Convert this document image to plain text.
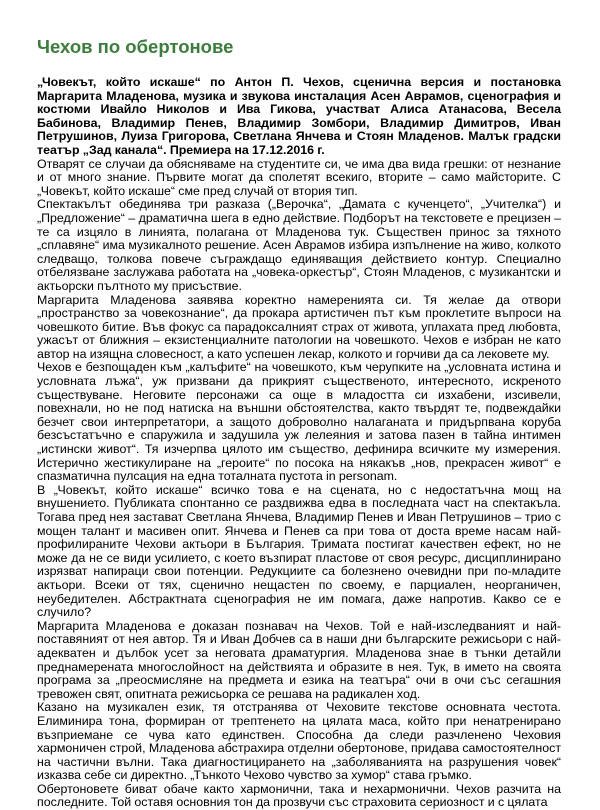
Чехов по обертонове

„Човекът, който искаше“ по Антон П. Чехов, сценична версия и постановка Маргарита Младенова, музика и звукова инсталация Асен Аврамов, сценография и костюми Ивайло Николов и Ива Гикова, участват Алиса Атанасова, Весела Бабинова, Владимир Пенев, Владимир Зомбори, Владимир Димитров, Иван Петрушинов, Луиза Григорова, Светлана Янчева и Стоян Младенов. Малък градски театър „Зад канала“. Премиера на 17.12.2016 г.

Отварят се случаи да обясняваме на студентите си, че има два вида грешки: от незнание и от много знание. Първите могат да сполетят всекиго, вторите – само майсторите. С „Човекът, който искаше“ сме пред случай от втория тип.

Спектакълът обединява три разказа („Верочка“, „Дамата с кученцето“, „Учителка“) и „Предложение“ – драматична шега в едно действие. Подборът на текстовете е прецизен – те са изцяло в линията, полагана от Младенова тук. Съществен принос за тяхното „сплавяне“ има музикалното решение. Асен Аврамов избира изпълнение на живо, колкото следващо, толкова повече съграждащо единяващия действието контур. Специално отбелязване заслужава работата на „човека-оркестър“, Стоян Младенов, с музикантски и актьорски пълтното му присъствие.

Маргарита Младенова заявява коректно намеренията си. Тя желае да отвори „пространство за човекознание“, да прокара артистичен път към проклетите въпроси на човешкото битие. Във фокус са парадоксалният страх от живота, уплахата пред любовта, ужасът от ближния – екзистенциалните патологии на човешкото. Чехов е избран не като автор на изящна словесност, а като успешен лекар, колкото и горчиви да са лековете му.

Чехов е безпощаден към „калъфите“ на човешкото, към черупките на „условната истина и условната лъжа“, уж призвани да прикрият същественото, интересното, искреното съществуване. Неговите персонажи са още в младостта си изхабени, изсивели, повехнали, но не под натиска на външни обстоятелства, както твърдят те, подвеждайки безчет свои интерпретатори, а защото доброволно налаганата и придърпвана коруба безсъстатъчно е спаружила и задушила уж лелеяния и затова пазен в тайна интимен „истински живот“. Тя изчерпва цялото им същество, дефинира всичките му измерения. Истерично жестикулиране на „героите“ по посока на някакъв „нов, прекрасен живот“ е спазматична пулсация на една тоталната пустота in personam.

В „Човекът, който искаше“ всичко това е на сцената, но с недостатъчна мощ на внушението. Публиката спонтанно се раздвижва едва в последната част на спектакъла. Тогава пред нея застават Светлана Янчева, Владимир Пенев и Иван Петрушинов – трио с мощен талант и масивен опит. Янчева и Пенев са при това от доста време насам най-профилираните Чехови актьори в България. Тримата постигат качествен ефект, но не може да не се види усилието, с което възпират пластове от своя ресурс, дисциплинирано изрязват напираци свои потенции. Редукциите са болезнено очевидни при по-младите актьори. Всеки от тях, сценично нещастен по своему, е парциален, неорганичен, неубедителен. Абстрактната сценография не им помага, даже напротив. Какво се е случило?

Маргарита Младенова е доказан познавач на Чехов. Той е най-изследваният и най-поставяният от нея автор. Тя и Иван Добчев са в наши дни българските режисьори с най-адекватен и дълбок усет за неговата драматургия. Младенова знае в тънки детайли преднамерената многослойност на действията и образите в нея. Тук, в името на своята програма за „преосмисляне на предмета и езика на театъра“ очи в очи със сегашния тревожен свят, опитната режисьорка се решава на радикален ход.

Казано на музикален език, тя отстранява от Чеховите текстове основната честота. Елиминира тона, формиран от трептенето на цялата маса, който при ненатренирано възприемане се чува като единствен. Способна да следи разчленено Чеховия хармоничен строй, Младенова абстрахира отделни обертонове, придава самостоятелност на частични вълни. Така диагностицирането на „заболяванията на разрушения човек“ изказва себе си директно. „Тънкото Чехово чувство за хумор“ става гръмко.

Обертоновете биват обаче както хармонични, така и нехармонични. Чехов разчита на последните. Той оставя основния тон да прозвучи със страховита сериозност и с цялата
